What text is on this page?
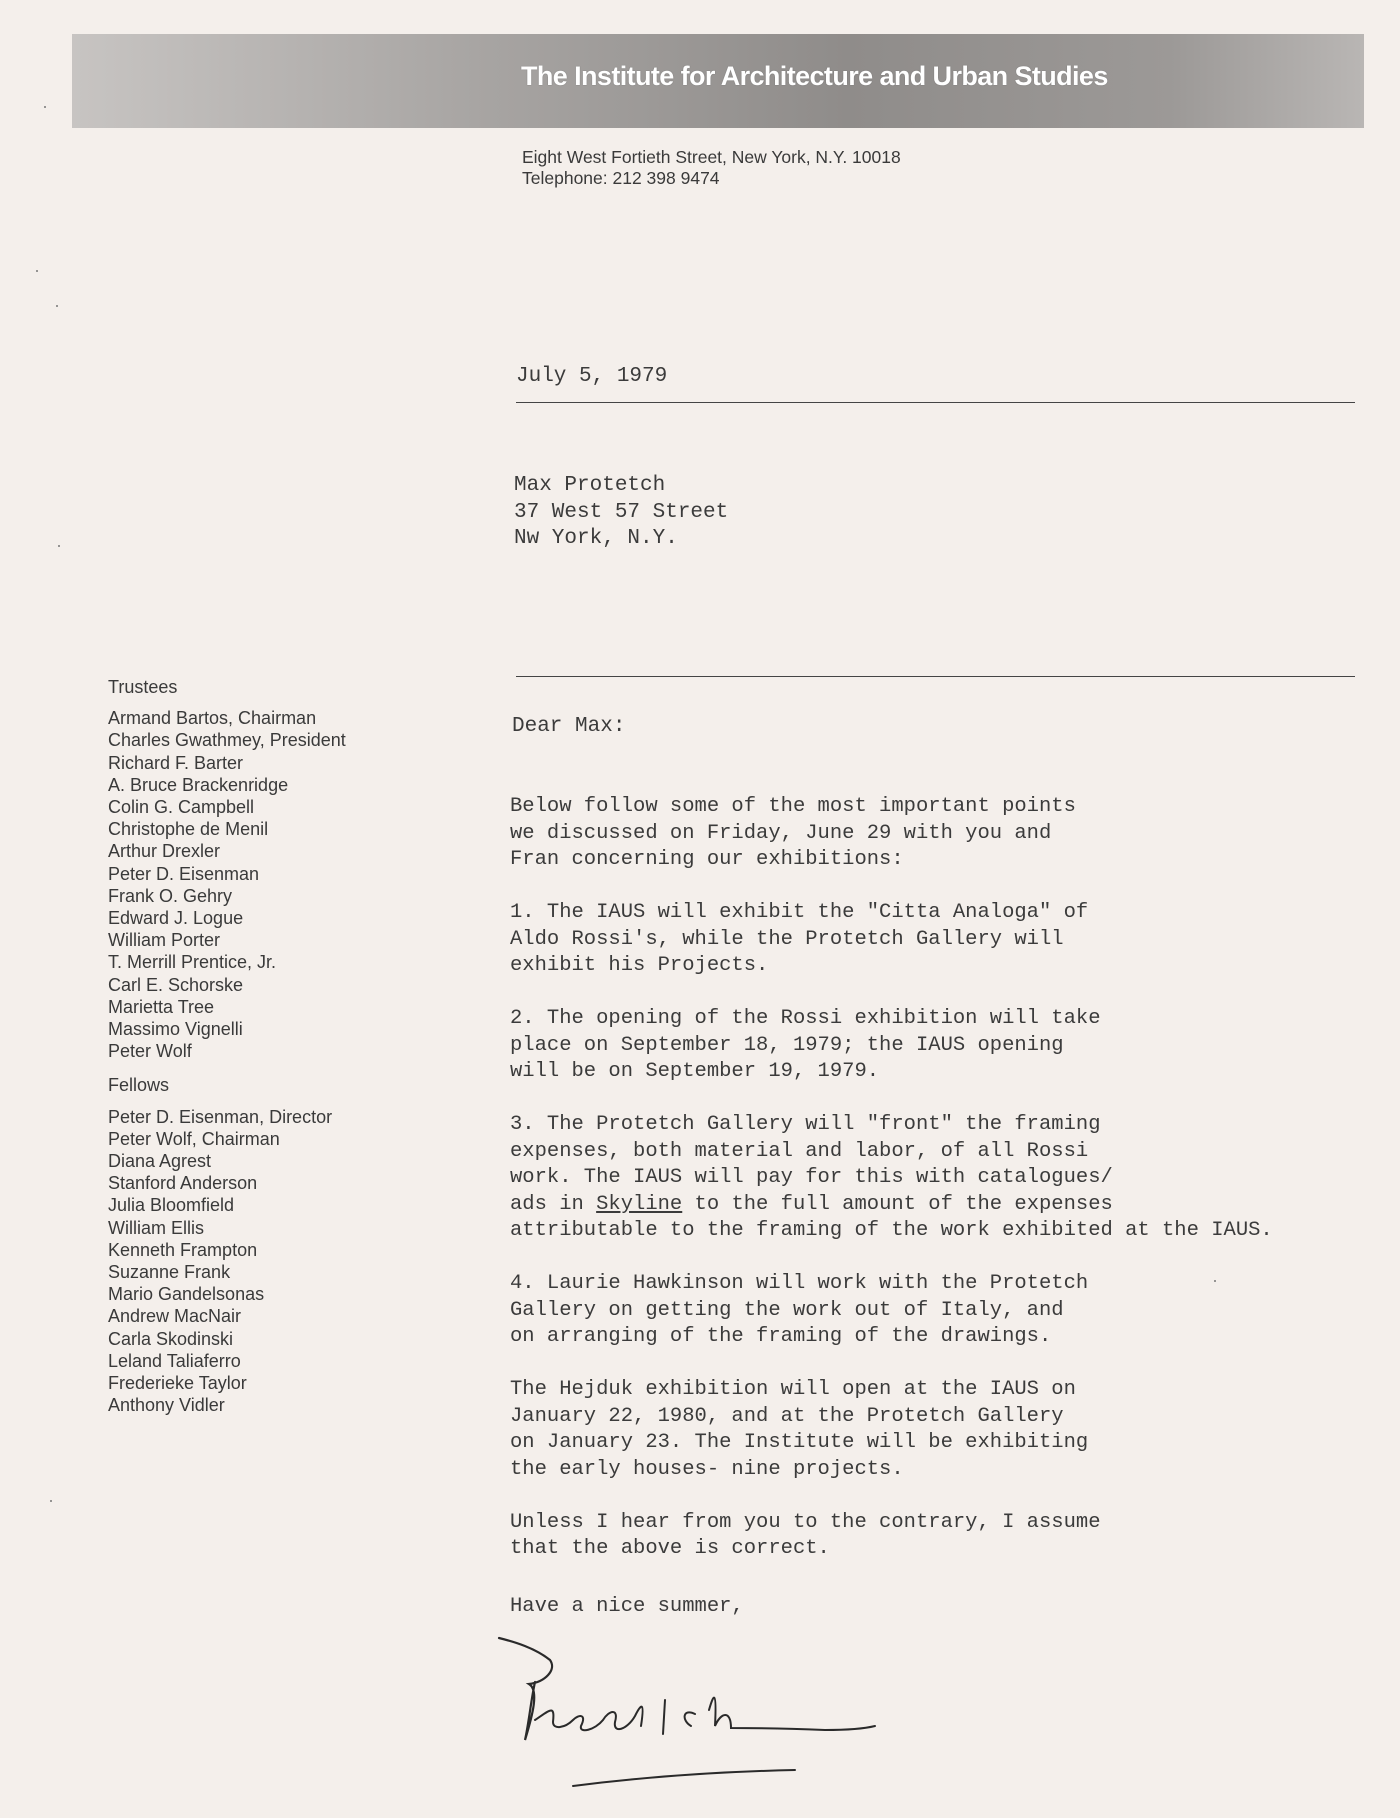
The Institute for Architecture and Urban Studies
Eight West Fortieth Street, New York, N.Y. 10018
Telephone: 212 398 9474
July 5, 1979
Max Protetch
37 West 57 Street
Nw York, N.Y.
Trustees
Armand Bartos, Chairman
Charles Gwathmey, President
Richard F. Barter
A. Bruce Brackenridge
Colin G. Campbell
Christophe de Menil
Arthur Drexler
Peter D. Eisenman
Frank O. Gehry
Edward J. Logue
William Porter
T. Merrill Prentice, Jr.
Carl E. Schorske
Marietta Tree
Massimo Vignelli
Peter Wolf
Fellows
Peter D. Eisenman, Director
Peter Wolf, Chairman
Diana Agrest
Stanford Anderson
Julia Bloomfield
William Ellis
Kenneth Frampton
Suzanne Frank
Mario Gandelsonas
Andrew MacNair
Carla Skodinski
Leland Taliaferro
Frederieke Taylor
Anthony Vidler
Dear Max:
Below follow some of the most important points
we discussed on Friday, June 29 with you and
Fran concerning our exhibitions:
1. The IAUS will exhibit the "Citta Analoga" of
Aldo Rossi's, while the Protetch Gallery will
exhibit his Projects.
2. The opening of the Rossi exhibition will take
place on September 18, 1979; the IAUS opening
will be on September 19, 1979.
3. The Protetch Gallery will "front" the framing
expenses, both material and labor, of all Rossi
work. The IAUS will pay for this with catalogues/
ads in Skyline to the full amount of the expenses
attributable to the framing of the work exhibited at the IAUS.
4. Laurie Hawkinson will work with the Protetch
Gallery on getting the work out of Italy, and
on arranging of the framing of the drawings.
The Hejduk exhibition will open at the IAUS on
January 22, 1980, and at the Protetch Gallery
on January 23. The Institute will be exhibiting
the early houses- nine projects.
Unless I hear from you to the contrary, I assume
that the above is correct.
Have a nice summer,
